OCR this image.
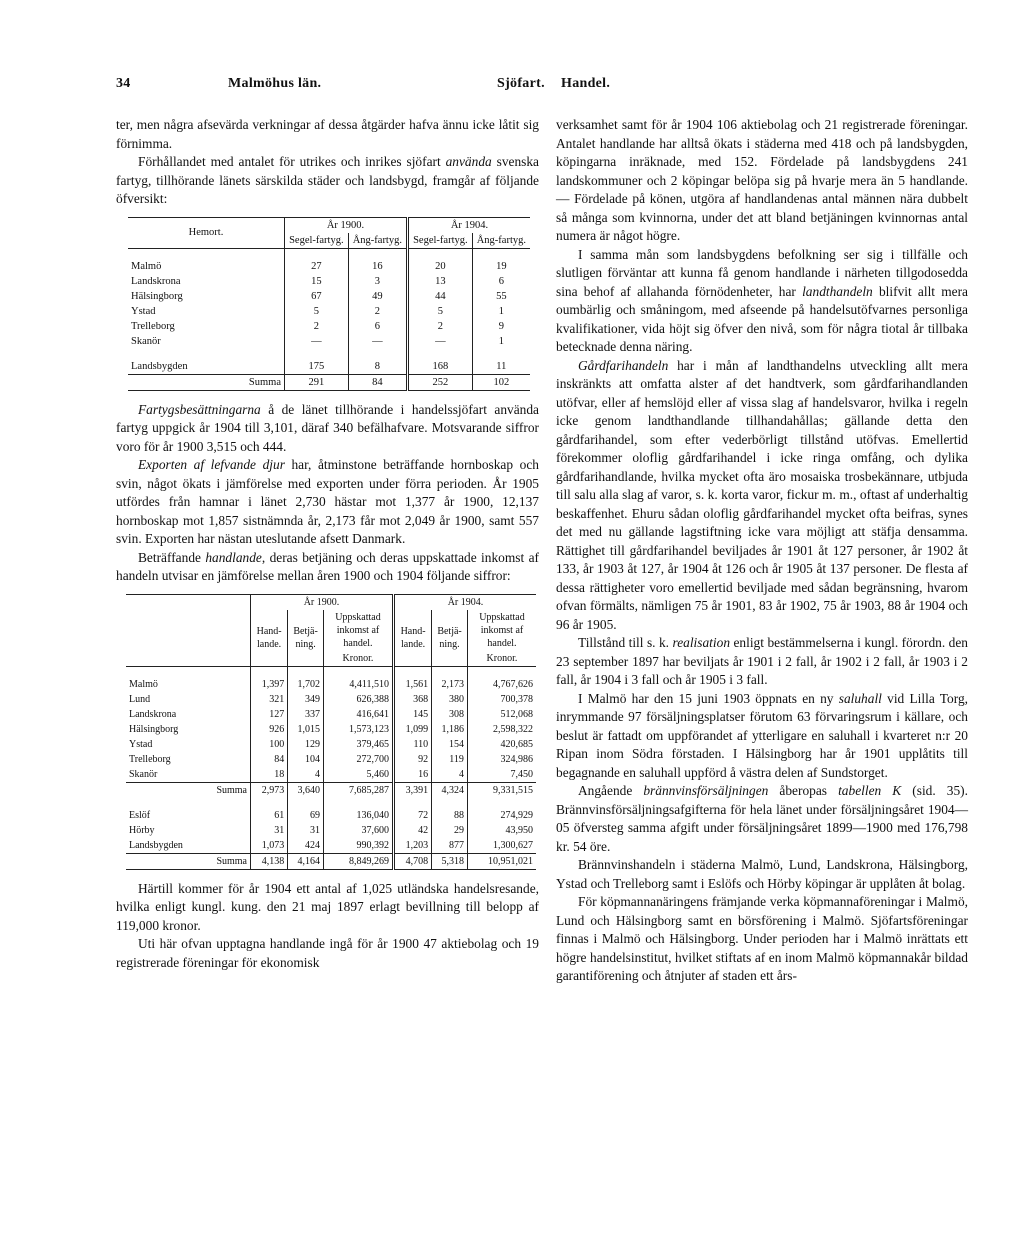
34	Malmöhus län.	Sjöfart. Handel.

ter, men några afsevärda verkningar af dessa åtgärder hafva ännu icke låtit sig förnimma.

Förhållandet med antalet för utrikes och inrikes sjöfart använda svenska fartyg, tillhörande länets särskilda städer och landsbygd, framgår af följande öfversikt:

Hemort.	År 1900.		År 1904.	
	Segel-fartyg.	Ång-fartyg.	Segel-fartyg.	Ång-fartyg.

Malmö	27	16	20	19
Landskrona	15	3	13	6
Hälsingborg	67	49	44	55
Ystad	5	2	5	1
Trelleborg	2	6	2	9
Skanör	—	—	—	1

Landsbygden	175	8	168	11
Summa	291	84	252	102

Fartygsbesättningarna å de länet tillhörande i handelssjöfart använda fartyg uppgick år 1904 till 3,101, däraf 340 befälhafvare. Motsvarande siffror voro för år 1900 3,515 och 444.

Exporten af lefvande djur har, åtminstone beträffande hornboskap och svin, något ökats i jämförelse med exporten under förra perioden. År 1905 utfördes från hamnar i länet 2,730 hästar mot 1,377 år 1900, 12,137 hornboskap mot 1,857 sistnämnda år, 2,173 får mot 2,049 år 1900, samt 557 svin. Exporten har nästan uteslutande afsett Danmark.

Beträffande handlande, deras betjäning och deras uppskattade inkomst af handeln utvisar en jämförelse mellan åren 1900 och 1904 följande siffror:

	År 1900.			År 1904.		
	Hand-lande.	Betjä-ning.	Uppskattad inkomst af handel.	Hand-lande.	Betjä-ning.	Uppskattad inkomst af handel.
			Kronor.			Kronor.

Malmö	1,397	1,702	4,411,510	1,561	2,173	4,767,626
Lund	321	349	626,388	368	380	700,378
Landskrona	127	337	416,641	145	308	512,068
Hälsingborg	926	1,015	1,573,123	1,099	1,186	2,598,322
Ystad	100	129	379,465	110	154	420,685
Trelleborg	84	104	272,700	92	119	324,986
Skanör	18	4	5,460	16	4	7,450
Summa	2,973	3,640	7,685,287	3,391	4,324	9,331,515

Eslöf	61	69	136,040	72	88	274,929
Hörby	31	31	37,600	42	29	43,950
Landsbygden	1,073	424	990,392	1,203	877	1,300,627
Summa	4,138	4,164	8,849,269	4,708	5,318	10,951,021

Härtill kommer för år 1904 ett antal af 1,025 utländska handelsresande, hvilka enligt kungl. kung. den 21 maj 1897 erlagt bevillning till belopp af 119,000 kronor.

Uti här ofvan upptagna handlande ingå för år 1900 47 aktiebolag och 19 registrerade föreningar för ekonomisk

verksamhet samt för år 1904 106 aktiebolag och 21 registrerade föreningar. Antalet handlande har alltså ökats i städerna med 418 och på landsbygden, köpingarna inräknade, med 152. Fördelade på landsbygdens 241 landskommuner och 2 köpingar belöpa sig på hvarje mera än 5 handlande. — Fördelade på könen, utgöra af handlandenas antal männen nära dubbelt så många som kvinnorna, under det att bland betjäningen kvinnornas antal numera är något högre.

I samma mån som landsbygdens befolkning ser sig i tillfälle och slutligen förväntar att kunna få genom handlande i närheten tillgodosedda sina behof af allahanda förnödenheter, har landthandeln blifvit allt mera oumbärlig och småningom, med afseende på handelsutöfvarnes personliga kvalifikationer, vida höjt sig öfver den nivå, som för några tiotal år tillbaka betecknade denna näring.

Gårdfarihandeln har i mån af landthandelns utveckling allt mera inskränkts att omfatta alster af det handtverk, som gårdfarihandlanden utöfvar, eller af hemslöjd eller af vissa slag af handelsvaror, hvilka i regeln icke genom landthandlande tillhandahållas; gällande detta den gårdfarihandel, som efter vederbörligt tillstånd utöfvas. Emellertid förekommer oloflig gårdfarihandel i icke ringa omfång, och dylika gårdfarihandlande, hvilka mycket ofta äro mosaiska trosbekännare, utbjuda till salu alla slag af varor, s. k. korta varor, fickur m. m., oftast af underhaltig beskaffenhet. Ehuru sådan oloflig gårdfarihandel mycket ofta beifras, synes det med nu gällande lagstiftning icke vara möjligt att stäfja densamma. Rättighet till gårdfarihandel beviljades år 1901 åt 127 personer, år 1902 åt 133, år 1903 åt 127, år 1904 åt 126 och år 1905 åt 137 personer. De flesta af dessa rättigheter voro emellertid beviljade med sådan begränsning, hvarom ofvan förmälts, nämligen 75 år 1901, 83 år 1902, 75 år 1903, 88 år 1904 och 96 år 1905.

Tillstånd till s. k. realisation enligt bestämmelserna i kungl. förordn. den 23 september 1897 har beviljats år 1901 i 2 fall, år 1902 i 2 fall, år 1903 i 2 fall, år 1904 i 3 fall och år 1905 i 3 fall.

I Malmö har den 15 juni 1903 öppnats en ny saluhall vid Lilla Torg, inrymmande 97 försäljningsplatser förutom 63 förvaringsrum i källare, och beslut är fattadt om uppförandet af ytterligare en saluhall i kvarteret n:r 20 Ripan inom Södra förstaden. I Hälsingborg har år 1901 upplåtits till begagnande en saluhall uppförd å västra delen af Sundstorget.

Angående brännvinsförsäljningen åberopas tabellen K (sid. 35). Brännvinsförsäljningsafgifterna för hela länet under försäljningsåret 1904—05 öfversteg samma afgift under försäljningsåret 1899—1900 med 176,798 kr. 54 öre.

Brännvinshandeln i städerna Malmö, Lund, Landskrona, Hälsingborg, Ystad och Trelleborg samt i Eslöfs och Hörby köpingar är upplåten åt bolag.

För köpmannanäringens främjande verka köpmannaföreningar i Malmö, Lund och Hälsingborg samt en börsförening i Malmö. Sjöfartsföreningar finnas i Malmö och Hälsingborg. Under perioden har i Malmö inrättats ett högre handelsinstitut, hvilket stiftats af en inom Malmö köpmannakår bildad garantiförening och åtnjuter af staden ett års-
